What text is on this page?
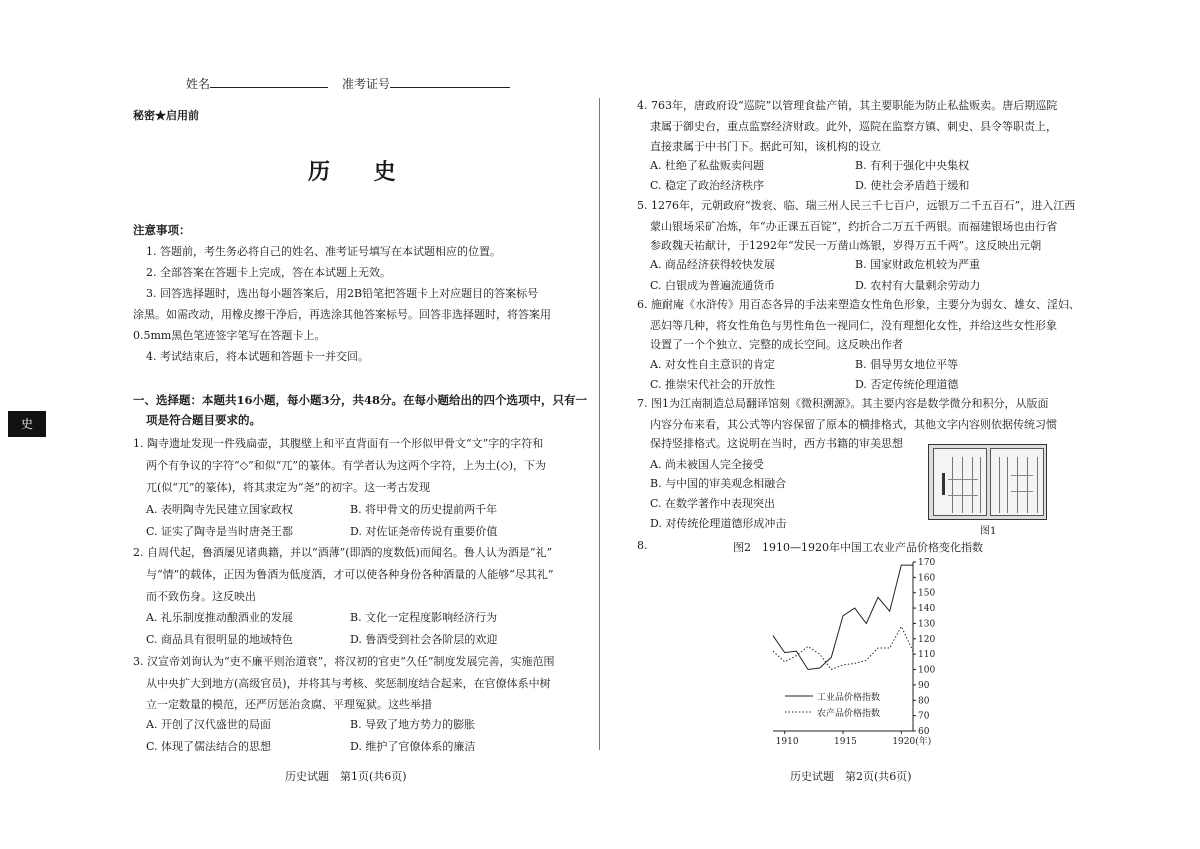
姓名	准考证号
秘密★启用前
历 史
注意事项：
1. 答题前，考生务必将自己的姓名、准考证号填写在本试题相应的位置。
2. 全部答案在答题卡上完成，答在本试题上无效。
3. 回答选择题时，选出每小题答案后，用2B铅笔把答题卡上对应题目的答案标号
涂黑。如需改动，用橡皮擦干净后，再选涂其他答案标号。回答非选择题时，将答案用
0.5mm黑色笔迹签字笔写在答题卡上。
4. 考试结束后，将本试题和答题卡一并交回。
史
一、选择题：本题共16小题，每小题3分，共48分。在每小题给出的四个选项中，只有一
项是符合题目要求的。
1. 陶寺遗址发现一件残扁壶，其腹壁上和平直背面有一个形似甲骨文“文”字的字符和
两个有争议的字符“◇”和似“兀”的篆体。有学者认为这两个字符，上为土(◇)，下为
兀(似“兀”的篆体)，将其隶定为“尧”的初字。这一考古发现
A. 表明陶寺先民建立国家政权	B. 将甲骨文的历史提前两千年
C. 证实了陶寺是当时唐尧王都	D. 对佐证尧帝传说有重要价值
2. 自周代起，鲁酒屡见诸典籍，并以“酒薄”(即酒的度数低)而闻名。鲁人认为酒是“礼”
与“情”的载体，正因为鲁酒为低度酒，才可以使各种身份各种酒量的人能够“尽其礼”
而不致伤身。这反映出
A. 礼乐制度推动酿酒业的发展	B. 文化一定程度影响经济行为
C. 商品具有很明显的地域特色	D. 鲁酒受到社会各阶层的欢迎
3. 汉宣帝刘询认为“吏不廉平则治道衰”，将汉初的官吏“久任”制度发展完善，实施范围
从中央扩大到地方(高级官员)，并将其与考核、奖惩制度结合起来，在官僚体系中树
立一定数量的模范，还严厉惩治贪腐、平理冤狱。这些举措
A. 开创了汉代盛世的局面	B. 导致了地方势力的膨胀
C. 体现了儒法结合的思想	D. 维护了官僚体系的廉洁
历史试题　第1页(共6页)
4. 763年，唐政府设“巡院”以管理食盐产销，其主要职能为防止私盐贩卖。唐后期巡院
隶属于御史台，重点监察经济财政。此外，巡院在监察方镇、刺史、县令等职责上，
直接隶属于中书门下。据此可知，该机构的设立
A. 杜绝了私盐贩卖问题	B. 有利于强化中央集权
C. 稳定了政治经济秩序	D. 使社会矛盾趋于缓和
5. 1276年，元朝政府“拨衮、临、瑞三州人民三千七百户，远银万二千五百石”，进入江西
蒙山银场采矿冶炼，年“办正课五百锭”，约折合二万五千两银。而福建银场也由行省
参政魏天祐献计，于1292年“发民一万凿山炼银，岁得万五千两”。这反映出元朝
A. 商品经济获得较快发展	B. 国家财政危机较为严重
C. 白银成为普遍流通货币	D. 农村有大量剩余劳动力
6. 施耐庵《水浒传》用百态各异的手法来塑造女性角色形象，主要分为弱女、雄女、淫妇、
恶妇等几种，将女性角色与男性角色一视同仁，没有理想化女性，并给这些女性形象
设置了一个个独立、完整的成长空间。这反映出作者
A. 对女性自主意识的肯定	B. 倡导男女地位平等
C. 推崇宋代社会的开放性	D. 否定传统伦理道德
7. 图1为江南制造总局翻译馆刻《微积溯源》。其主要内容是数学微分和积分，从版面
内容分布来看，其公式等内容保留了原本的横排格式，其他文字内容则依据传统习惯
保持竖排格式。这说明在当时，西方书籍的审美思想
A. 尚未被国人完全接受
B. 与中国的审美观念相融合
C. 在数学著作中表现突出
D. 对传统伦理道德形成冲击
图1
8.	图2　1910—1920年中国工农业产品价格变化指数
60
70
80
90
100
110
120
130
140
150
160
170
1910	1915	1920(年)
工业品价格指数
农产品价格指数
历史试题　第2页(共6页)
